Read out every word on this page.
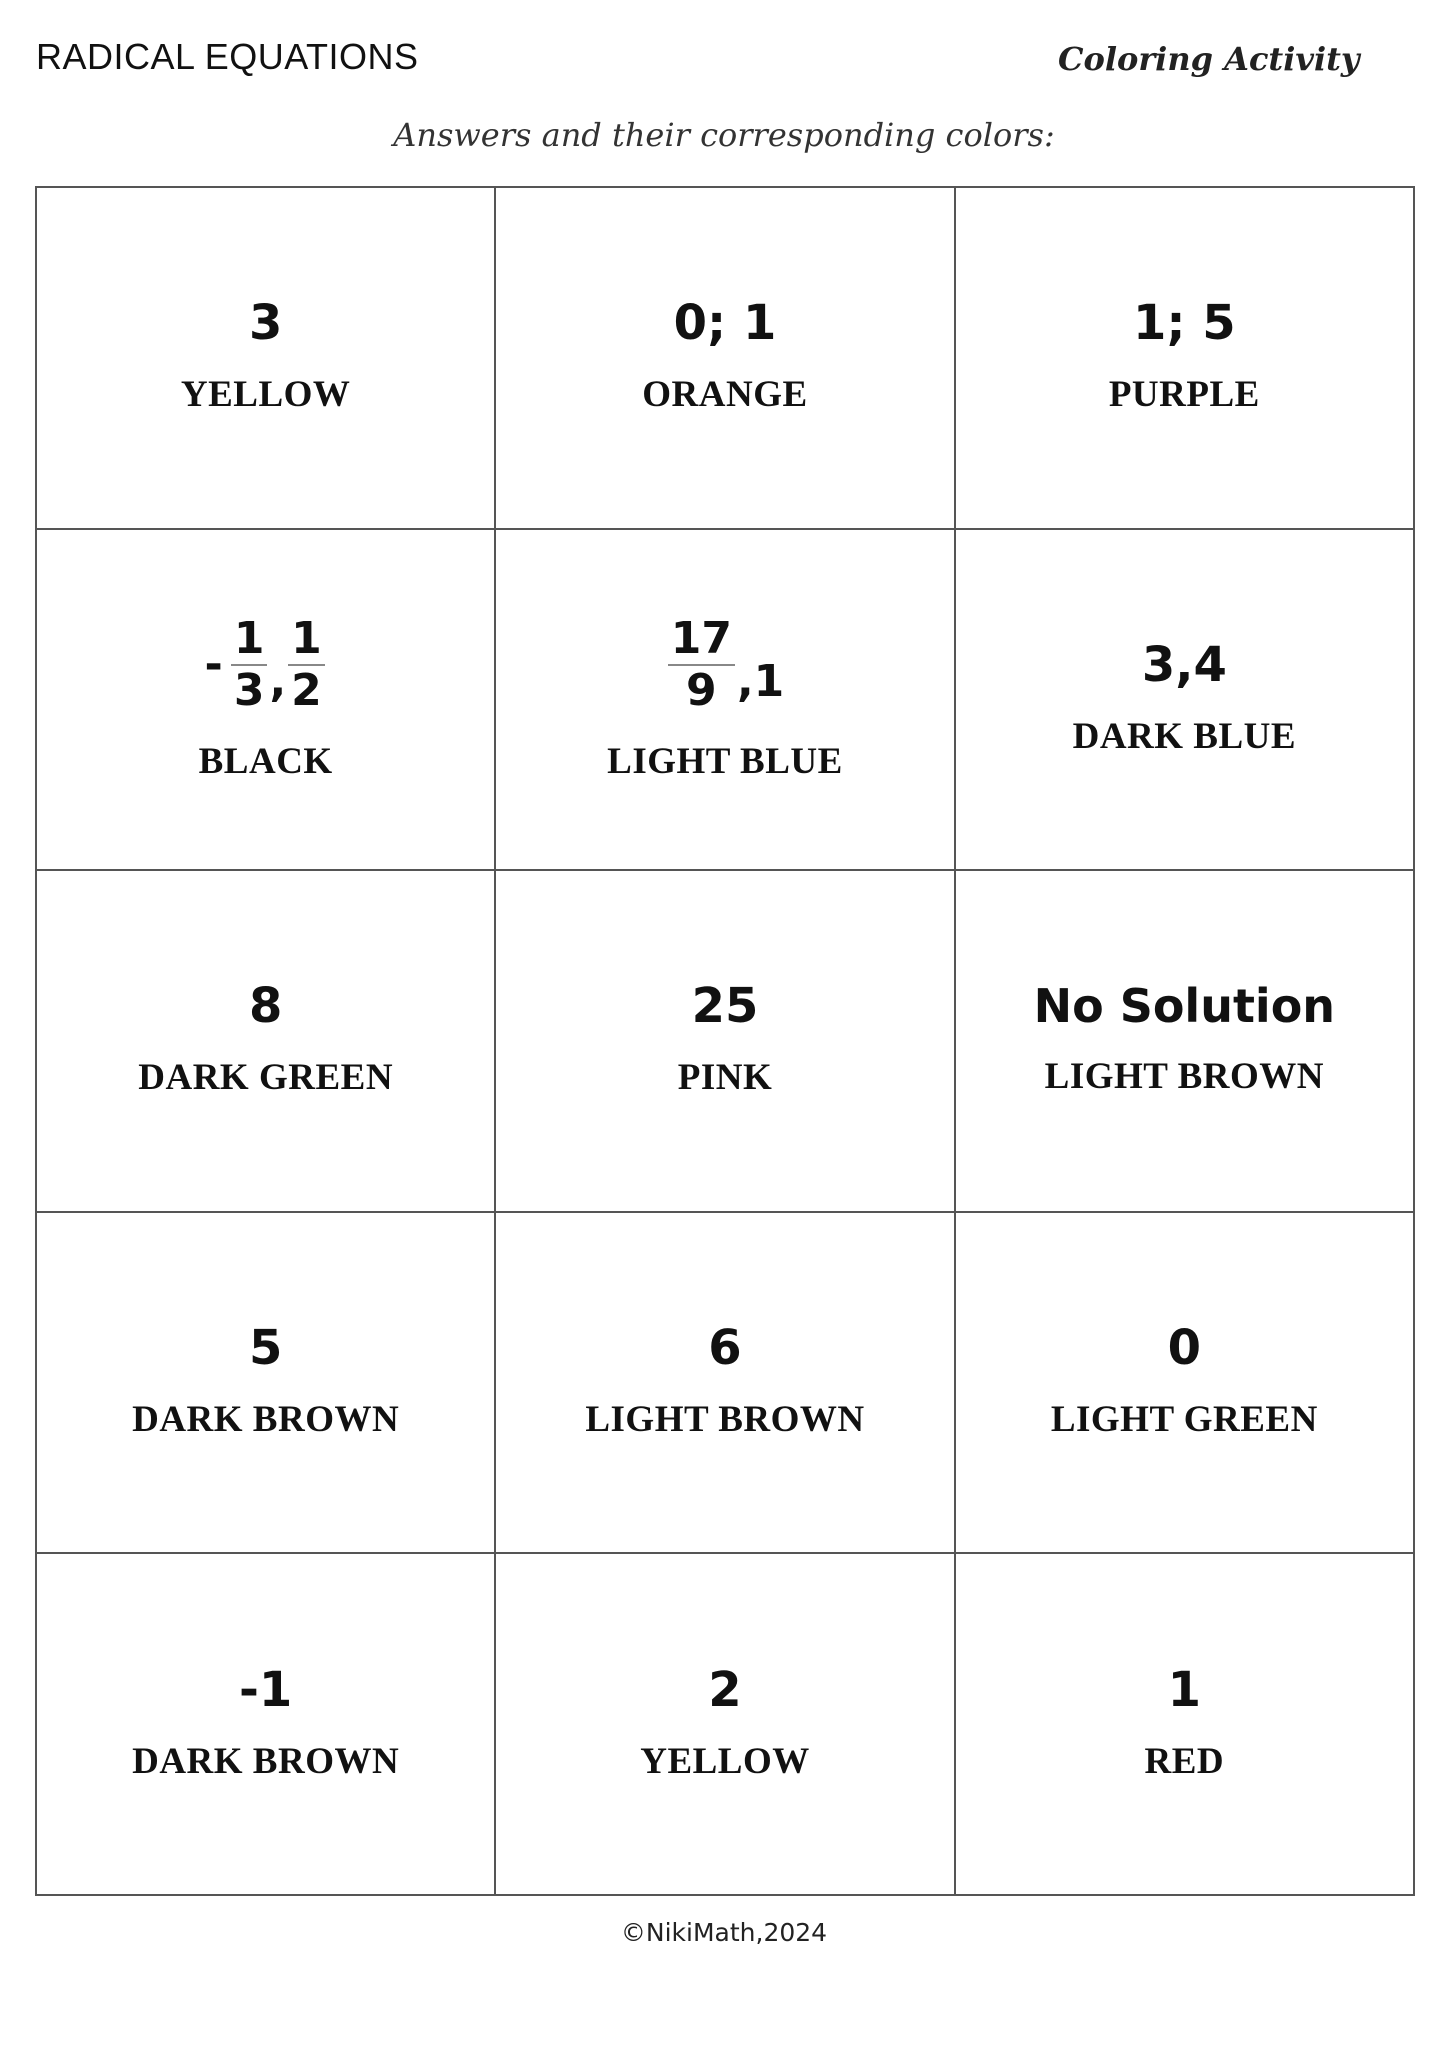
RADICAL EQUATIONS	Coloring Activity
Answers and their corresponding colors:
3
YELLOW
0; 1
ORANGE
1; 5
PURPLE
- $\frac{1}{3}$ , $\frac{1}{2}$
BLACK
$\frac{17}{9} ,1$
LIGHT BLUE
3,4
DARK BLUE
8
DARK GREEN
25
PINK
No Solution
LIGHT BROWN
5
DARK BROWN
6
LIGHT BROWN
0
LIGHT GREEN
-1
DARK BROWN
2
YELLOW
1
RED
©NikiMath,2024
